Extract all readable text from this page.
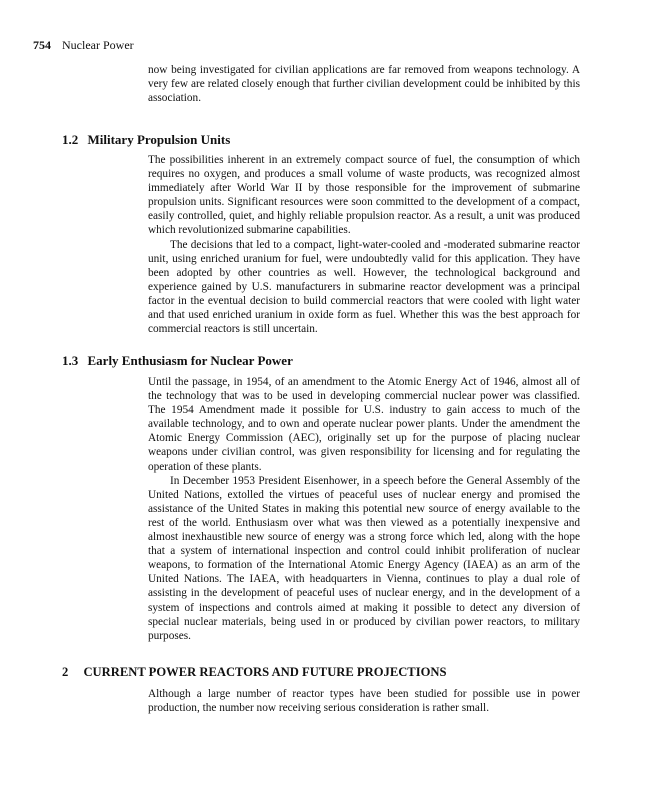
754 Nuclear Power

now being investigated for civilian applications are far removed from weapons technology. A very few are related closely enough that further civilian development could be inhibited by this association.

1.2 Military Propulsion Units

The possibilities inherent in an extremely compact source of fuel, the consumption of which requires no oxygen, and produces a small volume of waste products, was recognized almost immediately after World War II by those responsible for the improvement of submarine propulsion units. Significant resources were soon committed to the development of a compact, easily controlled, quiet, and highly reliable propulsion reactor. As a result, a unit was produced which revolutionized submarine capabilities.

The decisions that led to a compact, light-water-cooled and -moderated submarine reactor unit, using enriched uranium for fuel, were undoubtedly valid for this application. They have been adopted by other countries as well. However, the technological background and experience gained by U.S. manufacturers in submarine reactor development was a principal factor in the eventual decision to build commercial reactors that were cooled with light water and that used enriched uranium in oxide form as fuel. Whether this was the best approach for commercial reactors is still uncertain.

1.3 Early Enthusiasm for Nuclear Power

Until the passage, in 1954, of an amendment to the Atomic Energy Act of 1946, almost all of the technology that was to be used in developing commercial nuclear power was classified. The 1954 Amendment made it possible for U.S. industry to gain access to much of the available technology, and to own and operate nuclear power plants. Under the amendment the Atomic Energy Commission (AEC), originally set up for the purpose of placing nuclear weapons under civilian control, was given responsibility for licensing and for regulating the operation of these plants.

In December 1953 President Eisenhower, in a speech before the General Assembly of the United Nations, extolled the virtues of peaceful uses of nuclear energy and promised the assistance of the United States in making this potential new source of energy available to the rest of the world. Enthusiasm over what was then viewed as a potentially inexpensive and almost inexhaustible new source of energy was a strong force which led, along with the hope that a system of international inspection and control could inhibit proliferation of nuclear weapons, to formation of the International Atomic Energy Agency (IAEA) as an arm of the United Nations. The IAEA, with headquarters in Vienna, continues to play a dual role of assisting in the development of peaceful uses of nuclear energy, and in the development of a system of inspections and controls aimed at making it possible to detect any diversion of special nuclear materials, being used in or produced by civilian power reactors, to military purposes.

2 CURRENT POWER REACTORS AND FUTURE PROJECTIONS

Although a large number of reactor types have been studied for possible use in power production, the number now receiving serious consideration is rather small.
